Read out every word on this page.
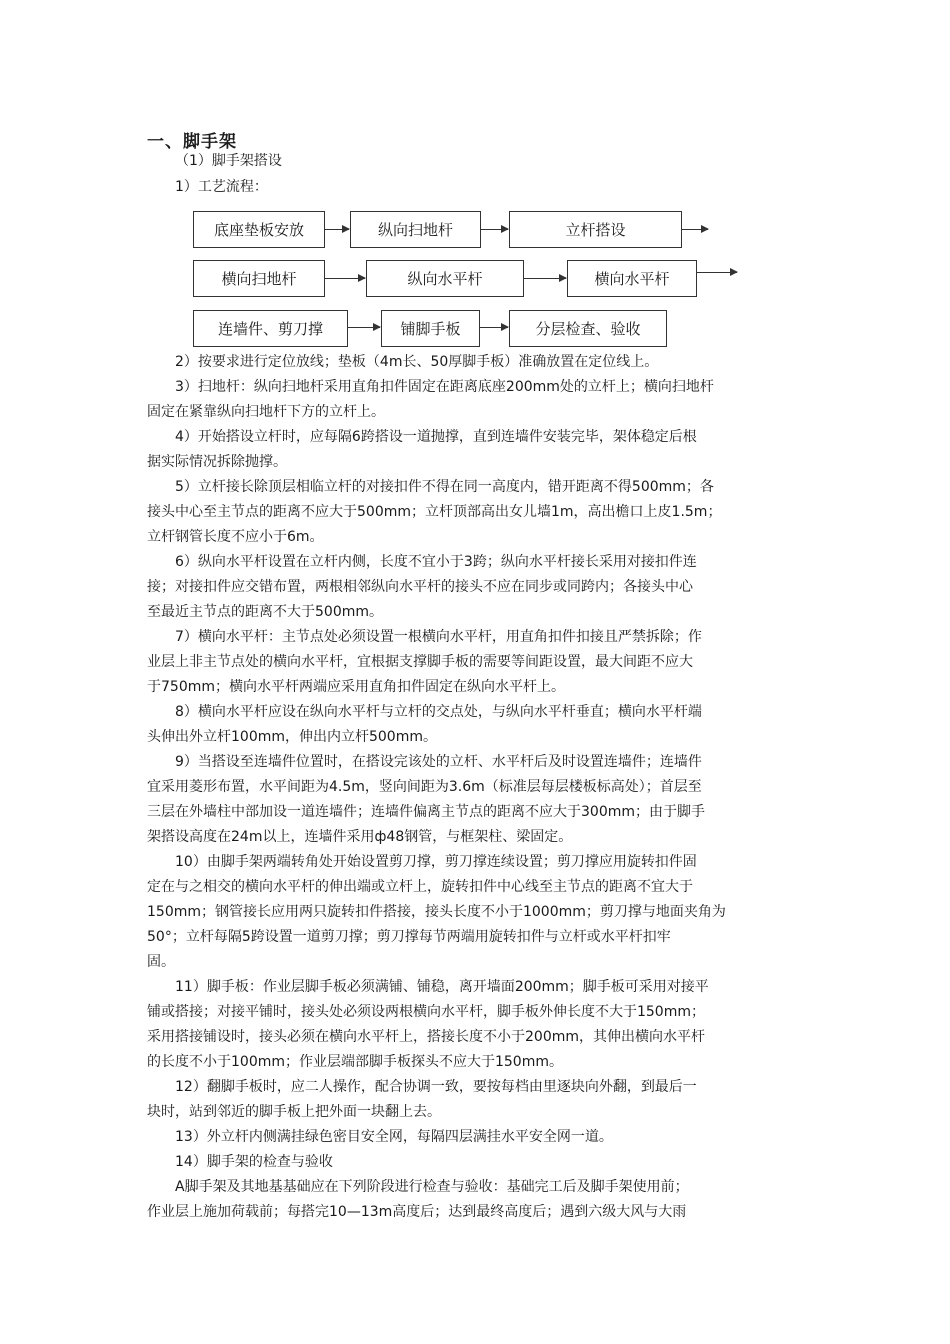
一、脚手架
（1）脚手架搭设
1）工艺流程：
底座垫板安放	纵向扫地杆	立杆搭设
横向扫地杆	纵向水平杆	横向水平杆
连墙件、剪刀撑	铺脚手板	分层检查、验收
2）按要求进行定位放线；垫板（4m长、50厚脚手板）准确放置在定位线上。
3）扫地杆：纵向扫地杆采用直角扣件固定在距离底座200mm处的立杆上；横向扫地杆
固定在紧靠纵向扫地杆下方的立杆上。
4）开始搭设立杆时，应每隔6跨搭设一道抛撑，直到连墙件安装完毕，架体稳定后根
据实际情况拆除抛撑。
5）立杆接长除顶层相临立杆的对接扣件不得在同一高度内，错开距离不得500mm；各
接头中心至主节点的距离不应大于500mm；立杆顶部高出女儿墙1m，高出檐口上皮1.5m；
立杆钢管长度不应小于6m。
6）纵向水平杆设置在立杆内侧，长度不宜小于3跨；纵向水平杆接长采用对接扣件连
接；对接扣件应交错布置，两根相邻纵向水平杆的接头不应在同步或同跨内；各接头中心
至最近主节点的距离不大于500mm。
7）横向水平杆：主节点处必须设置一根横向水平杆，用直角扣件扣接且严禁拆除；作
业层上非主节点处的横向水平杆，宜根据支撑脚手板的需要等间距设置，最大间距不应大
于750mm；横向水平杆两端应采用直角扣件固定在纵向水平杆上。
8）横向水平杆应设在纵向水平杆与立杆的交点处，与纵向水平杆垂直；横向水平杆端
头伸出外立杆100mm，伸出内立杆500mm。
9）当搭设至连墙件位置时，在搭设完该处的立杆、水平杆后及时设置连墙件；连墙件
宜采用菱形布置，水平间距为4.5m，竖向间距为3.6m（标准层每层楼板标高处）；首层至
三层在外墙柱中部加设一道连墙件；连墙件偏离主节点的距离不应大于300mm；由于脚手
架搭设高度在24m以上，连墙件采用ф48钢管，与框架柱、梁固定。
10）由脚手架两端转角处开始设置剪刀撑，剪刀撑连续设置；剪刀撑应用旋转扣件固
定在与之相交的横向水平杆的伸出端或立杆上，旋转扣件中心线至主节点的距离不宜大于
150mm；钢管接长应用两只旋转扣件搭接，接头长度不小于1000mm；剪刀撑与地面夹角为
50°；立杆每隔5跨设置一道剪刀撑；剪刀撑每节两端用旋转扣件与立杆或水平杆扣牢
固。
11）脚手板：作业层脚手板必须满铺、铺稳，离开墙面200mm；脚手板可采用对接平
铺或搭接；对接平铺时，接头处必须设两根横向水平杆，脚手板外伸长度不大于150mm；
采用搭接铺设时，接头必须在横向水平杆上，搭接长度不小于200mm，其伸出横向水平杆
的长度不小于100mm；作业层端部脚手板探头不应大于150mm。
12）翻脚手板时，应二人操作，配合协调一致，要按每档由里逐块向外翻，到最后一
块时，站到邻近的脚手板上把外面一块翻上去。
13）外立杆内侧满挂绿色密目安全网，每隔四层满挂水平安全网一道。
14）脚手架的检查与验收
A脚手架及其地基基础应在下列阶段进行检查与验收：基础完工后及脚手架使用前；
作业层上施加荷载前；每搭完10—13m高度后；达到最终高度后；遇到六级大风与大雨
